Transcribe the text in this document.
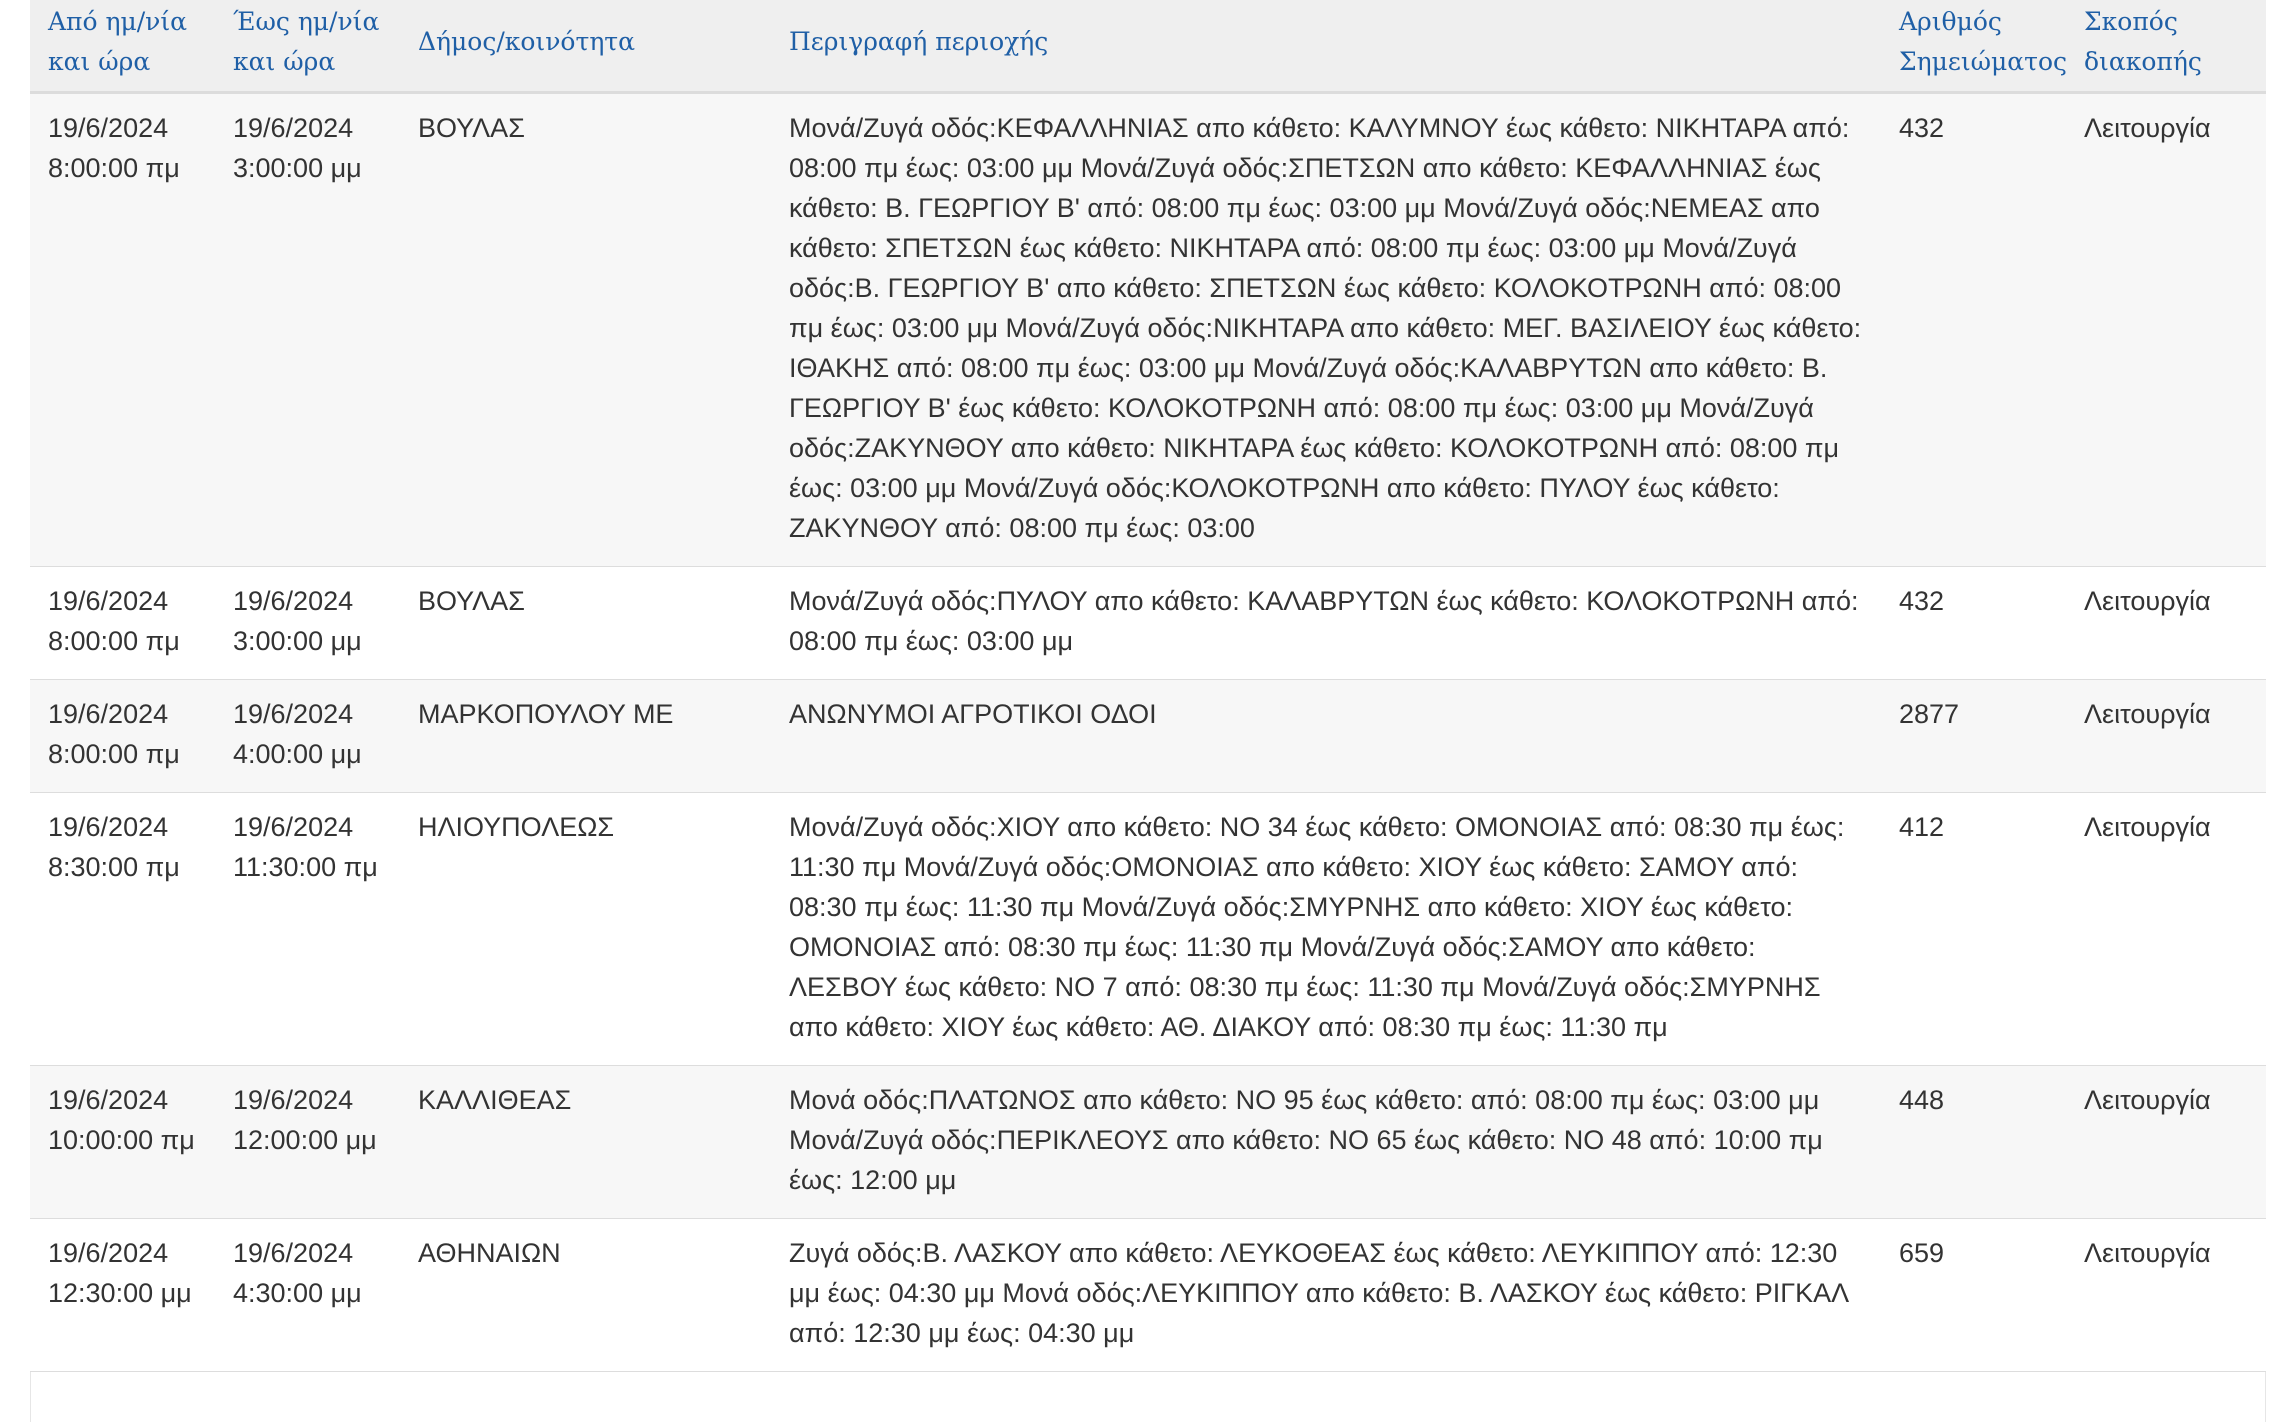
Από ημ/νία και ώρα	Έως ημ/νία και ώρα	Δήμος/κοινότητα	Περιγραφή περιοχής	Αριθμός Σημειώματος	Σκοπός διακοπής
19/6/2024 8:00:00 πμ	19/6/2024 3:00:00 μμ	ΒΟΥΛΑΣ	Μονά/Ζυγά οδός:ΚΕΦΑΛΛΗΝΙΑΣ απο κάθετο: ΚΑΛΥΜΝΟΥ έως κάθετο: ΝΙΚΗΤΑΡΑ από: 08:00 πμ έως: 03:00 μμ Μονά/Ζυγά οδός:ΣΠΕΤΣΩΝ απο κάθετο: ΚΕΦΑΛΛΗΝΙΑΣ έως κάθετο: Β. ΓΕΩΡΓΙΟΥ Β' από: 08:00 πμ έως: 03:00 μμ Μονά/Ζυγά οδός:ΝΕΜΕΑΣ απο κάθετο: ΣΠΕΤΣΩΝ έως κάθετο: ΝΙΚΗΤΑΡΑ από: 08:00 πμ έως: 03:00 μμ Μονά/Ζυγά οδός:Β. ΓΕΩΡΓΙΟΥ Β' απο κάθετο: ΣΠΕΤΣΩΝ έως κάθετο: ΚΟΛΟΚΟΤΡΩΝΗ από: 08:00 πμ έως: 03:00 μμ Μονά/Ζυγά οδός:ΝΙΚΗΤΑΡΑ απο κάθετο: ΜΕΓ. ΒΑΣΙΛΕΙΟΥ έως κάθετο: ΙΘΑΚΗΣ από: 08:00 πμ έως: 03:00 μμ Μονά/Ζυγά οδός:ΚΑΛΑΒΡΥΤΩΝ απο κάθετο: Β. ΓΕΩΡΓΙΟΥ Β' έως κάθετο: ΚΟΛΟΚΟΤΡΩΝΗ από: 08:00 πμ έως: 03:00 μμ Μονά/Ζυγά οδός:ΖΑΚΥΝΘΟΥ απο κάθετο: ΝΙΚΗΤΑΡΑ έως κάθετο: ΚΟΛΟΚΟΤΡΩΝΗ από: 08:00 πμ έως: 03:00 μμ Μονά/Ζυγά οδός:ΚΟΛΟΚΟΤΡΩΝΗ απο κάθετο: ΠΥΛΟΥ έως κάθετο: ΖΑΚΥΝΘΟΥ από: 08:00 πμ έως: 03:00	432	Λειτουργία
19/6/2024 8:00:00 πμ	19/6/2024 3:00:00 μμ	ΒΟΥΛΑΣ	Μονά/Ζυγά οδός:ΠΥΛΟΥ απο κάθετο: ΚΑΛΑΒΡΥΤΩΝ έως κάθετο: ΚΟΛΟΚΟΤΡΩΝΗ από: 08:00 πμ έως: 03:00 μμ	432	Λειτουργία
19/6/2024 8:00:00 πμ	19/6/2024 4:00:00 μμ	ΜΑΡΚΟΠΟΥΛΟΥ ΜΕ	ΑΝΩΝΥΜΟΙ ΑΓΡΟΤΙΚΟΙ ΟΔΟΙ	2877	Λειτουργία
19/6/2024 8:30:00 πμ	19/6/2024 11:30:00 πμ	ΗΛΙΟΥΠΟΛΕΩΣ	Μονά/Ζυγά οδός:ΧΙΟΥ απο κάθετο: ΝΟ 34 έως κάθετο: ΟΜΟΝΟΙΑΣ από: 08:30 πμ έως: 11:30 πμ Μονά/Ζυγά οδός:ΟΜΟΝΟΙΑΣ απο κάθετο: ΧΙΟΥ έως κάθετο: ΣΑΜΟΥ από: 08:30 πμ έως: 11:30 πμ Μονά/Ζυγά οδός:ΣΜΥΡΝΗΣ απο κάθετο: ΧΙΟΥ έως κάθετο: ΟΜΟΝΟΙΑΣ από: 08:30 πμ έως: 11:30 πμ Μονά/Ζυγά οδός:ΣΑΜΟΥ απο κάθετο: ΛΕΣΒΟΥ έως κάθετο: ΝΟ 7 από: 08:30 πμ έως: 11:30 πμ Μονά/Ζυγά οδός:ΣΜΥΡΝΗΣ απο κάθετο: ΧΙΟΥ έως κάθετο: ΑΘ. ΔΙΑΚΟΥ από: 08:30 πμ έως: 11:30 πμ	412	Λειτουργία
19/6/2024 10:00:00 πμ	19/6/2024 12:00:00 μμ	ΚΑΛΛΙΘΕΑΣ	Μονά οδός:ΠΛΑΤΩΝΟΣ απο κάθετο: ΝΟ 95 έως κάθετο: από: 08:00 πμ έως: 03:00 μμ Μονά/Ζυγά οδός:ΠΕΡΙΚΛΕΟΥΣ απο κάθετο: ΝΟ 65 έως κάθετο: ΝΟ 48 από: 10:00 πμ έως: 12:00 μμ	448	Λειτουργία
19/6/2024 12:30:00 μμ	19/6/2024 4:30:00 μμ	ΑΘΗΝΑΙΩΝ	Ζυγά οδός:Β. ΛΑΣΚΟΥ απο κάθετο: ΛΕΥΚΟΘΕΑΣ έως κάθετο: ΛΕΥΚΙΠΠΟΥ από: 12:30 μμ έως: 04:30 μμ Μονά οδός:ΛΕΥΚΙΠΠΟΥ απο κάθετο: Β. ΛΑΣΚΟΥ έως κάθετο: ΡΙΓΚΑΛ από: 12:30 μμ έως: 04:30 μμ	659	Λειτουργία
